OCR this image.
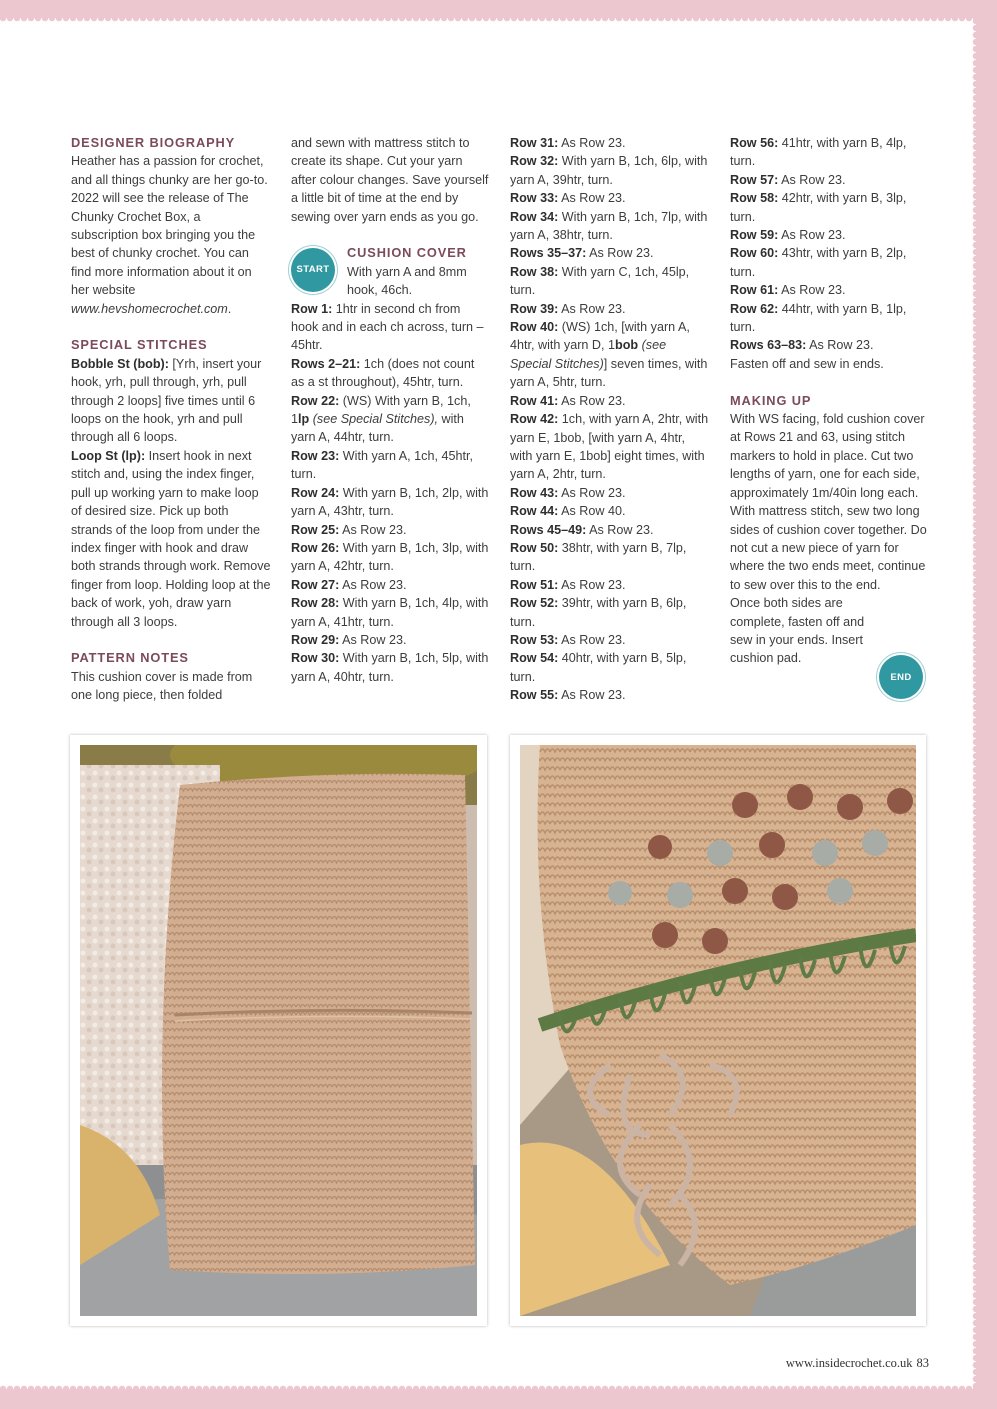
DESIGNER BIOGRAPHY

Heather has a passion for crochet, and all things chunky are her go-to. 2022 will see the release of The Chunky Crochet Box, a subscription box bringing you the best of chunky crochet. You can find more information about it on her website www.hevshomecrochet.com.

SPECIAL STITCHES

Bobble St (bob): [Yrh, insert your hook, yrh, pull through, yrh, pull through 2 loops] five times until 6 loops on the hook, yrh and pull through all 6 loops.

Loop St (lp): Insert hook in next stitch and, using the index finger, pull up working yarn to make loop of desired size. Pick up both strands of the loop from under the index finger with hook and draw both strands through work. Remove finger from loop. Holding loop at the back of work, yoh, draw yarn through all 3 loops.

PATTERN NOTES

This cushion cover is made from one long piece, then folded

and sewn with mattress stitch to create its shape. Cut your yarn after colour changes. Save yourself a little bit of time at the end by sewing over yarn ends as you go.

START

CUSHION COVER

With yarn A and 8mm hook, 46ch.

Row 1: 1htr in second ch from hook and in each ch across, turn – 45htr.

Rows 2–21: 1ch (does not count as a st throughout), 45htr, turn.

Row 22: (WS) With yarn B, 1ch, 1lp (see Special Stitches), with yarn A, 44htr, turn.

Row 23: With yarn A, 1ch, 45htr, turn.

Row 24: With yarn B, 1ch, 2lp, with yarn A, 43htr, turn.

Row 25: As Row 23.

Row 26: With yarn B, 1ch, 3lp, with yarn A, 42htr, turn.

Row 27: As Row 23.

Row 28: With yarn B, 1ch, 4lp, with yarn A, 41htr, turn.

Row 29: As Row 23.

Row 30: With yarn B, 1ch, 5lp, with yarn A, 40htr, turn.

Row 31: As Row 23.

Row 32: With yarn B, 1ch, 6lp, with yarn A, 39htr, turn.

Row 33: As Row 23.

Row 34: With yarn B, 1ch, 7lp, with yarn A, 38htr, turn.

Rows 35–37: As Row 23.

Row 38: With yarn C, 1ch, 45lp, turn.

Row 39: As Row 23.

Row 40: (WS) 1ch, [with yarn A, 4htr, with yarn D, 1bob (see Special Stitches)] seven times, with yarn A, 5htr, turn.

Row 41: As Row 23.

Row 42: 1ch, with yarn A, 2htr, with yarn E, 1bob, [with yarn A, 4htr, with yarn E, 1bob] eight times, with yarn A, 2htr, turn.

Row 43: As Row 23.

Row 44: As Row 40.

Rows 45–49: As Row 23.

Row 50: 38htr, with yarn B, 7lp, turn.

Row 51: As Row 23.

Row 52: 39htr, with yarn B, 6lp, turn.

Row 53: As Row 23.

Row 54: 40htr, with yarn B, 5lp, turn.

Row 55: As Row 23.

Row 56: 41htr, with yarn B, 4lp, turn.

Row 57: As Row 23.

Row 58: 42htr, with yarn B, 3lp, turn.

Row 59: As Row 23.

Row 60: 43htr, with yarn B, 2lp, turn.

Row 61: As Row 23.

Row 62: 44htr, with yarn B, 1lp, turn.

Rows 63–83: As Row 23.

Fasten off and sew in ends.

MAKING UP

With WS facing, fold cushion cover at Rows 21 and 63, using stitch markers to hold in place. Cut two lengths of yarn, one for each side, approximately 1m/40in long each.

With mattress stitch, sew two long sides of cushion cover together. Do not cut a new piece of yarn for where the two ends meet, continue to sew over this to the end.

Once both sides are complete, fasten off and sew in your ends. Insert cushion pad.

END
www.insidecrochet.co.uk 83
